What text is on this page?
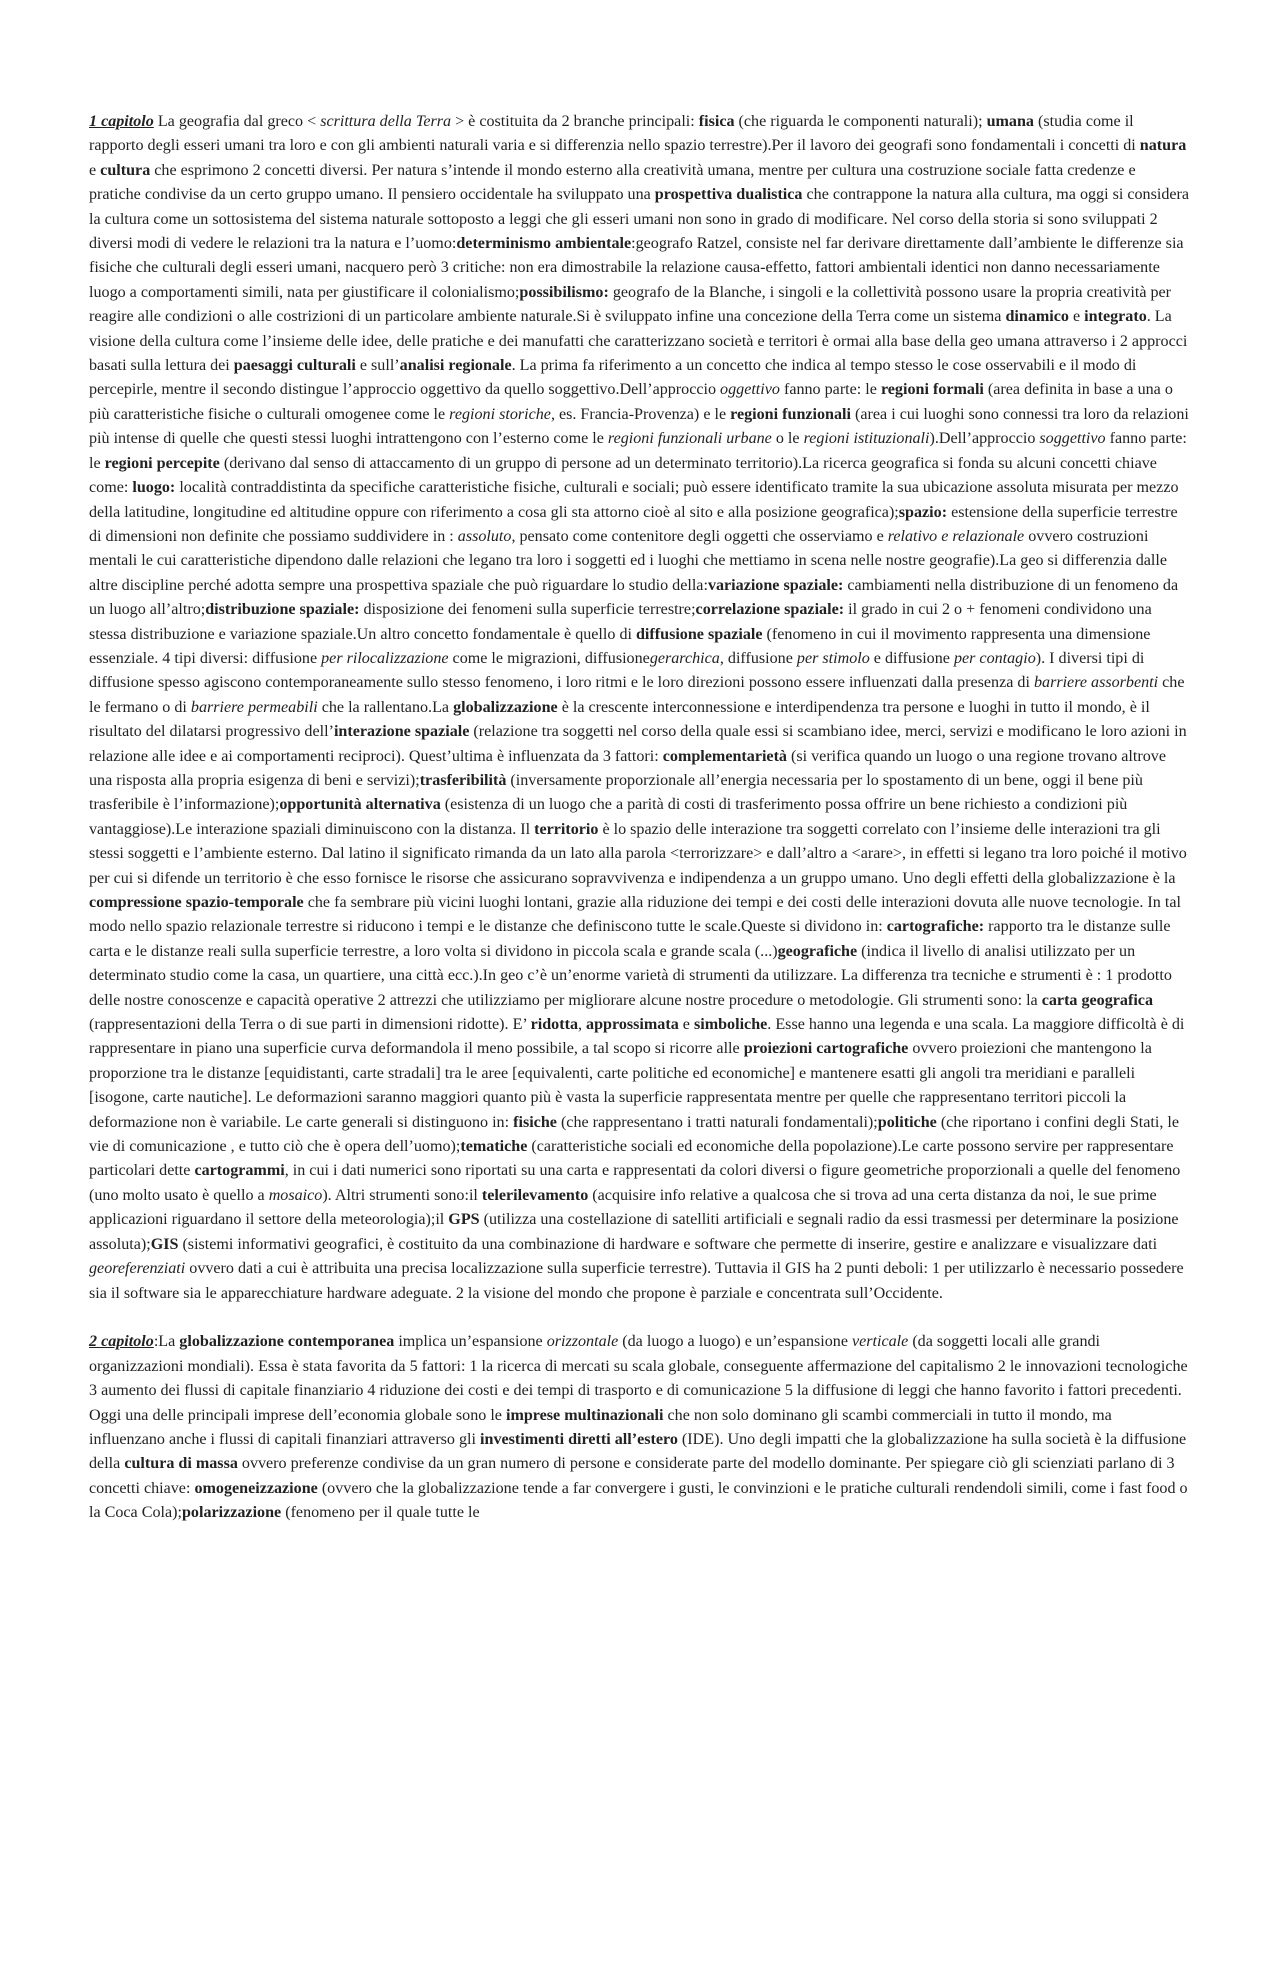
1 capitolo La geografia dal greco < scrittura della Terra > è costituita da 2 branche principali: fisica (che riguarda le componenti naturali); umana (studia come il rapporto degli esseri umani tra loro e con gli ambienti naturali varia e si differenzia nello spazio terrestre).Per il lavoro dei geografi sono fondamentali i concetti di natura e cultura che esprimono 2 concetti diversi. Per natura s’intende il mondo esterno alla creatività umana, mentre per cultura una costruzione sociale fatta credenze e pratiche condivise da un certo gruppo umano. Il pensiero occidentale ha sviluppato una prospettiva dualistica che contrappone la natura alla cultura, ma oggi si considera la cultura come un sottosistema del sistema naturale sottoposto a leggi che gli esseri umani non sono in grado di modificare. Nel corso della storia si sono sviluppati 2 diversi modi di vedere le relazioni tra la natura e l’uomo:determinismo ambientale:geografo Ratzel, consiste nel far derivare direttamente dall’ambiente le differenze sia fisiche che culturali degli esseri umani, nacquero però 3 critiche: non era dimostrabile la relazione causa-effetto, fattori ambientali identici non danno necessariamente luogo a comportamenti simili, nata per giustificare il colonialismo;possibilismo: geografo de la Blanche, i singoli e la collettività possono usare la propria creatività per reagire alle condizioni o alle costrizioni di un particolare ambiente naturale.Si è sviluppato infine una concezione della Terra come un sistema dinamico e integrato. La visione della cultura come l’insieme delle idee, delle pratiche e dei manufatti che caratterizzano società e territori è ormai alla base della geo umana attraverso i 2 approcci basati sulla lettura dei paesaggi culturali e sull’analisi regionale. La prima fa riferimento a un concetto che indica al tempo stesso le cose osservabili e il modo di percepirle, mentre il secondo distingue l’approccio oggettivo da quello soggettivo.Dell’approccio oggettivo fanno parte: le regioni formali (area definita in base a una o più caratteristiche fisiche o culturali omogenee come le regioni storiche, es. Francia-Provenza) e le regioni funzionali (area i cui luoghi sono connessi tra loro da relazioni più intense di quelle che questi stessi luoghi intrattengono con l’esterno come le regioni funzionali urbane o le regioni istituzionali).Dell’approccio soggettivo fanno parte: le regioni percepite (derivano dal senso di attaccamento di un gruppo di persone ad un determinato territorio).La ricerca geografica si fonda su alcuni concetti chiave come: luogo: località contraddistinta da specifiche caratteristiche fisiche, culturali e sociali; può essere identificato tramite la sua ubicazione assoluta misurata per mezzo della latitudine, longitudine ed altitudine oppure con riferimento a cosa gli sta attorno cioè al sito e alla posizione geografica);spazio: estensione della superficie terrestre di dimensioni non definite che possiamo suddividere in : assoluto, pensato come contenitore degli oggetti che osserviamo e relativo e relazionale ovvero costruzioni mentali le cui caratteristiche dipendono dalle relazioni che legano tra loro i soggetti ed i luoghi che mettiamo in scena nelle nostre geografie).La geo si differenzia dalle altre discipline perché adotta sempre una prospettiva spaziale che può riguardare lo studio della:variazione spaziale: cambiamenti nella distribuzione di un fenomeno da un luogo all’altro;distribuzione spaziale: disposizione dei fenomeni sulla superficie terrestre;correlazione spaziale: il grado in cui 2 o + fenomeni condividono una stessa distribuzione e variazione spaziale.Un altro concetto fondamentale è quello di diffusione spaziale (fenomeno in cui il movimento rappresenta una dimensione essenziale. 4 tipi diversi: diffusione per rilocalizzazione come le migrazioni, diffusionegerarchica, diffusione per stimolo e diffusione per contagio). I diversi tipi di diffusione spesso agiscono contemporaneamente sullo stesso fenomeno, i loro ritmi e le loro direzioni possono essere influenzati dalla presenza di barriere assorbenti che le fermano o di barriere permeabili che la rallentano.La globalizzazione è la crescente interconnessione e interdipendenza tra persone e luoghi in tutto il mondo, è il risultato del dilatarsi progressivo dell’interazione spaziale (relazione tra soggetti nel corso della quale essi si scambiano idee, merci, servizi e modificano le loro azioni in relazione alle idee e ai comportamenti reciproci). Quest’ultima è influenzata da 3 fattori: complementarietà (si verifica quando un luogo o una regione trovano altrove una risposta alla propria esigenza di beni e servizi);trasferibilità (inversamente proporzionale all’energia necessaria per lo spostamento di un bene, oggi il bene più trasferibile è l’informazione);opportunità alternativa (esistenza di un luogo che a parità di costi di trasferimento possa offrire un bene richiesto a condizioni più vantaggiose).Le interazione spaziali diminuiscono con la distanza. Il territorio è lo spazio delle interazione tra soggetti correlato con l’insieme delle interazioni tra gli stessi soggetti e l’ambiente esterno. Dal latino il significato rimanda da un lato alla parola <terrorizzare> e dall’altro a <arare>, in effetti si legano tra loro poiché il motivo per cui si difende un territorio è che esso fornisce le risorse che assicurano sopravvivenza e indipendenza a un gruppo umano. Uno degli effetti della globalizzazione è la compressione spazio-temporale che fa sembrare più vicini luoghi lontani, grazie alla riduzione dei tempi e dei costi delle interazioni dovuta alle nuove tecnologie. In tal modo nello spazio relazionale terrestre si riducono i tempi e le distanze che definiscono tutte le scale.Queste si dividono in: cartografiche: rapporto tra le distanze sulle carta e le distanze reali sulla superficie terrestre, a loro volta si dividono in piccola scala e grande scala (...)geografiche (indica il livello di analisi utilizzato per un determinato studio come la casa, un quartiere, una città ecc.).In geo c’è un’enorme varietà di strumenti da utilizzare. La differenza tra tecniche e strumenti è : 1 prodotto delle nostre conoscenze e capacità operative 2 attrezzi che utilizziamo per migliorare alcune nostre procedure o metodologie. Gli strumenti sono: la carta geografica (rappresentazioni della Terra o di sue parti in dimensioni ridotte). E’ ridotta, approssimata e simboliche. Esse hanno una legenda e una scala. La maggiore difficoltà è di rappresentare in piano una superficie curva deformandola il meno possibile, a tal scopo si ricorre alle proiezioni cartografiche ovvero proiezioni che mantengono la proporzione tra le distanze [equidistanti, carte stradali] tra le aree [equivalenti, carte politiche ed economiche] e mantenere esatti gli angoli tra meridiani e paralleli [isogone, carte nautiche]. Le deformazioni saranno maggiori quanto più è vasta la superficie rappresentata mentre per quelle che rappresentano territori piccoli la deformazione non è variabile. Le carte generali si distinguono in: fisiche (che rappresentano i tratti naturali fondamentali);politiche (che riportano i confini degli Stati, le vie di comunicazione , e tutto ciò che è opera dell’uomo);tematiche (caratteristiche sociali ed economiche della popolazione).Le carte possono servire per rappresentare particolari dette cartogrammi, in cui i dati numerici sono riportati su una carta e rappresentati da colori diversi o figure geometriche proporzionali a quelle del fenomeno (uno molto usato è quello a mosaico). Altri strumenti sono:il telerilevamento (acquisire info relative a qualcosa che si trova ad una certa distanza da noi, le sue prime applicazioni riguardano il settore della meteorologia);il GPS (utilizza una costellazione di satelliti artificiali e segnali radio da essi trasmessi per determinare la posizione assoluta);GIS (sistemi informativi geografici, è costituito da una combinazione di hardware e software che permette di inserire, gestire e analizzare e visualizzare dati georeferenziati ovvero dati a cui è attribuita una precisa localizzazione sulla superficie terrestre). Tuttavia il GIS ha 2 punti deboli: 1 per utilizzarlo è necessario possedere sia il software sia le apparecchiature hardware adeguate. 2 la visione del mondo che propone è parziale e concentrata sull’Occidente.

2 capitolo:La globalizzazione contemporanea implica un’espansione orizzontale (da luogo a luogo) e un’espansione verticale (da soggetti locali alle grandi organizzazioni mondiali). Essa è stata favorita da 5 fattori: 1 la ricerca di mercati su scala globale, conseguente affermazione del capitalismo 2 le innovazioni tecnologiche 3 aumento dei flussi di capitale finanziario 4 riduzione dei costi e dei tempi di trasporto e di comunicazione 5 la diffusione di leggi che hanno favorito i fattori precedenti. Oggi una delle principali imprese dell’economia globale sono le imprese multinazionali che non solo dominano gli scambi commerciali in tutto il mondo, ma influenzano anche i flussi di capitali finanziari attraverso gli investimenti diretti all’estero (IDE). Uno degli impatti che la globalizzazione ha sulla società è la diffusione della cultura di massa ovvero preferenze condivise da un gran numero di persone e considerate parte del modello dominante. Per spiegare ciò gli scienziati parlano di 3 concetti chiave: omogeneizzazione (ovvero che la globalizzazione tende a far convergere i gusti, le convinzioni e le pratiche culturali rendendoli simili, come i fast food o la Coca Cola);polarizzazione (fenomeno per il quale tutte le
